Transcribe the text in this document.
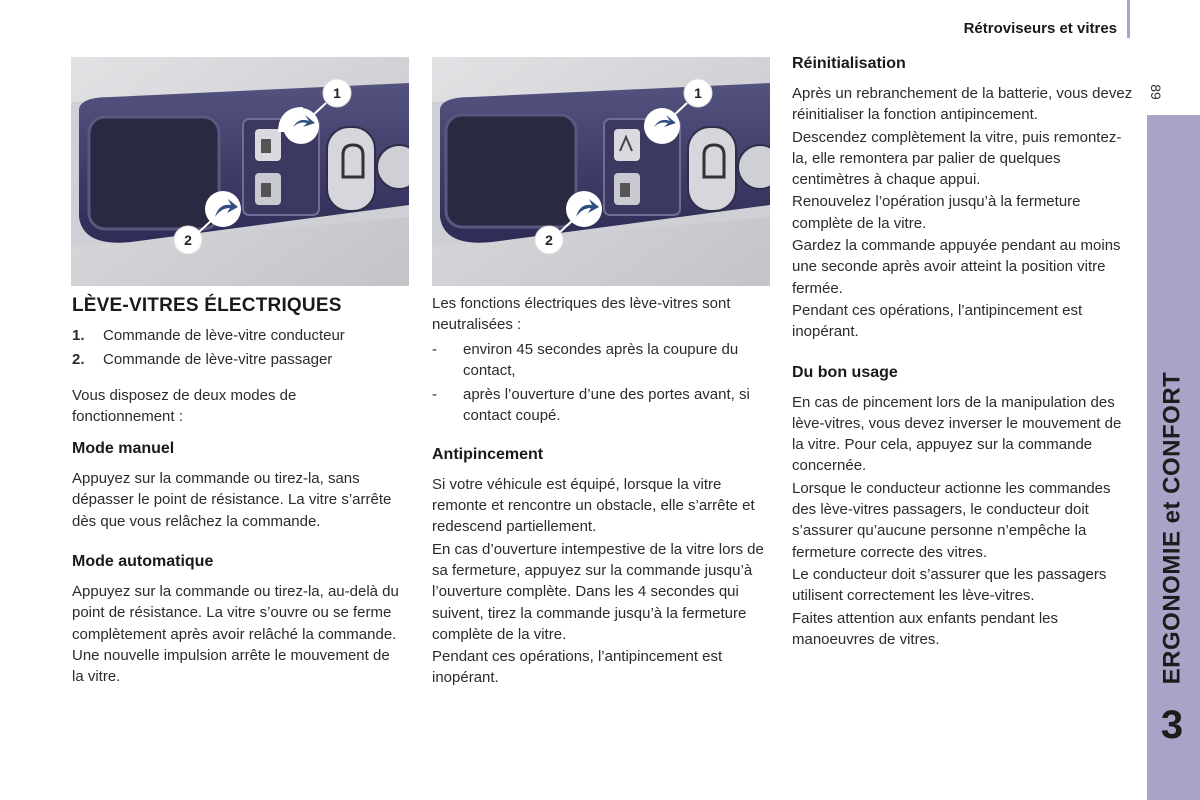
Rétroviseurs et vitres
89
ERGONOMIE et CONFORT
3
1
2
1
2
LÈVE-VITRES ÉLECTRIQUES
1.	Commande de lève-vitre conducteur
2.	Commande de lève-vitre passager

Vous disposez de deux modes de fonctionnement :

Mode manuel

Appuyez sur la commande ou tirez-la, sans dépasser le point de résistance. La vitre s’arrête dès que vous relâchez la commande.

Mode automatique

Appuyez sur la commande ou tirez-la, au-delà du point de résistance. La vitre s’ouvre ou se ferme complètement après avoir relâché la commande. Une nouvelle impulsion arrête le mouvement de la vitre.

Les fonctions électriques des lève-vitres sont neutralisées :

-	environ 45 secondes après la coupure du contact,
-	après l’ouverture d’une des portes avant, si contact coupé.
Antipincement

Si votre véhicule est équipé, lorsque la vitre remonte et rencontre un obstacle, elle s’arrête et redescend partiellement.

En cas d’ouverture intempestive de la vitre lors de sa fermeture, appuyez sur la commande jusqu’à l’ouverture complète. Dans les 4 secondes qui suivent, tirez la commande jusqu’à la fermeture complète de la vitre.

Pendant ces opérations, l’antipincement est inopérant.

Réinitialisation

Après un rebranchement de la batterie, vous devez réinitialiser la fonction antipincement.

Descendez complètement la vitre, puis remontez-la, elle remontera par palier de quelques centimètres à chaque appui.

Renouvelez l’opération jusqu’à la fermeture complète de la vitre.

Gardez la commande appuyée pendant au moins une seconde après avoir atteint la position vitre fermée.

Pendant ces opérations, l’antipincement est inopérant.

Du bon usage

En cas de pincement lors de la manipulation des lève-vitres, vous devez inverser le mouvement de la vitre. Pour cela, appuyez sur la commande concernée.

Lorsque le conducteur actionne les commandes des lève-vitres passagers, le conducteur doit s’assurer qu’aucune personne n’empêche la fermeture correcte des vitres.

Le conducteur doit s’assurer que les passagers utilisent correctement les lève-vitres.

Faites attention aux enfants pendant les manoeuvres de vitres.
